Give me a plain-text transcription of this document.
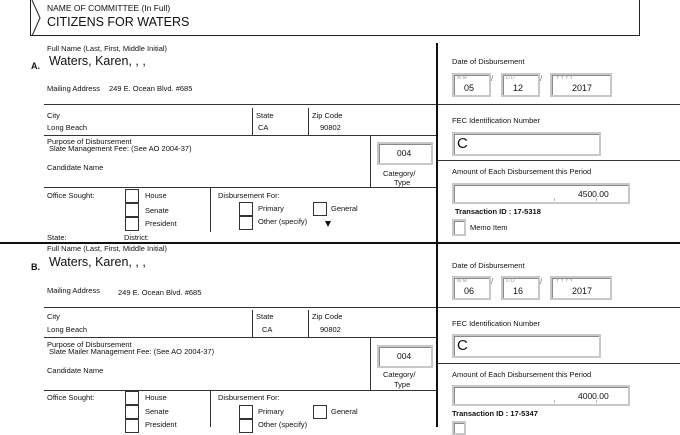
NAME OF COMMITTEE (In Full)
CITIZENS FOR WATERS
Full Name (Last, First, Middle Initial)
A. Waters, Karen, , ,
Mailing Address 249 E. Ocean Blvd. #685
City
Long Beach
State
CA
Zip Code
90802
Purpose of Disbursement
Slate Management Fee: (See AO 2004-37)	004
Category/
Type
Candidate Name
Office Sought:	House
Senate
President
State:	District:
Disbursement For:
Primary	General
Other (specify)
Date of Disbursement
M M
05
/	D D
12
/	Y Y Y Y
2017
FEC Identification Number
C
Amount of Each Disbursement this Period
4500.00
Transaction ID : 17-5318
Memo Item
Full Name (Last, First, Middle Initial)
B. Waters, Karen, , ,
Mailing Address 249 E. Ocean Blvd. #685
City
Long Beach
State
CA
Zip Code
90802
Purpose of Disbursement
Slate Mailer Management Fee: (See AO 2004-37)	004
Category/
Type
Candidate Name
Office Sought:	House
Senate
President
Disbursement For:
Primary	General
Other (specify)
Date of Disbursement
M M
06
/	D D
16
/	Y Y Y Y
2017
FEC Identification Number
C
Amount of Each Disbursement this Period
4000.00
Transaction ID : 17-5347
